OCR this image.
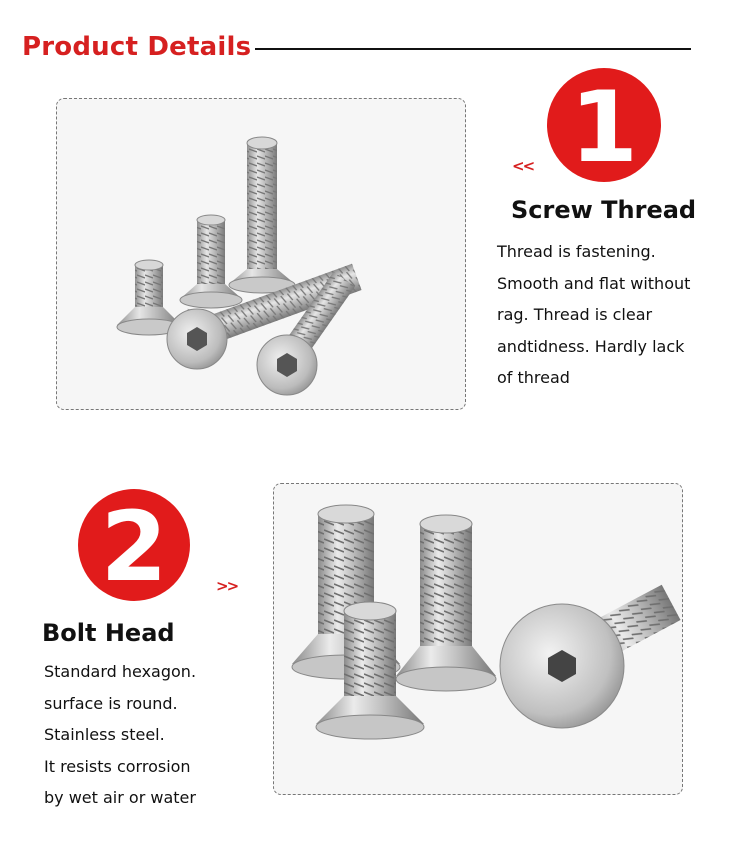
Product Details
1
<<
Screw Thread
Thread is fastening.
Smooth and flat without
rag. Thread is clear
andtidness. Hardly lack
of thread
2	>>
Bolt Head
Standard hexagon.
surface is round.
Stainless steel.
It resists corrosion
by wet air or water
